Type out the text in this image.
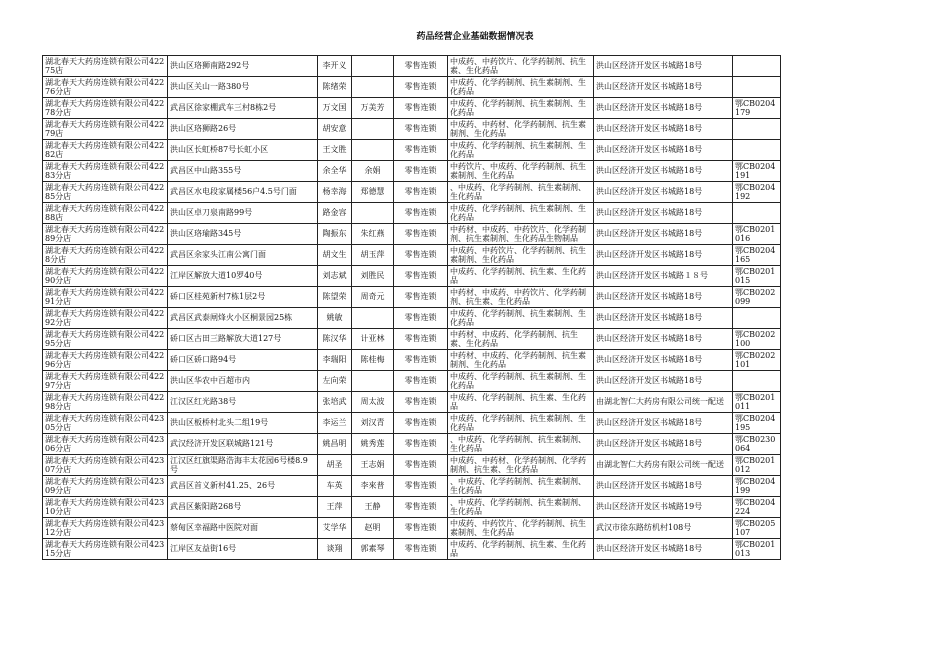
药品经营企业基础数据情况表
湖北春天大药房连锁有限公司42275店	洪山区珞狮南路292号	李开义		零售连锁	中成药、中药饮片、化学药制剂、抗生素、生化药品	洪山区经济开发区书城路18号	
湖北春天大药房连锁有限公司42276分店	洪山区关山一路380号	陈绪荣		零售连锁	中成药、化学药制剂、抗生素制剂、生化药品	洪山区经济开发区书城路18号	
湖北春天大药房连锁有限公司42278分店	武昌区徐家棚武车三村8栋2号	万文国	万美芳	零售连锁	中成药、化学药制剂、抗生素制剂、生化药品	洪山区经济开发区书城路18号	鄂CB0204179
湖北春天大药房连锁有限公司42279店	洪山区珞狮路26号	胡安意		零售连锁	中成药、中药材、化学药制剂、抗生素制剂、生化药品	洪山区经济开发区书城路18号	
湖北春天大药房连锁有限公司42282店	洪山区长虹桥87号长虹小区	王文胜		零售连锁	中成药、化学药制剂、抗生素制剂、生化药品	洪山区经济开发区书城路18号	
湖北春天大药房连锁有限公司42283分店	武昌区中山路355号	余全华	余娟	零售连锁	中药饮片、中成药、化学药制剂、抗生素制剂、生化药品	洪山区经济开发区书城路18号	鄂CB0204191
湖北春天大药房连锁有限公司42285分店	武昌区水电段家属楼56户4.5号门面	杨幸海	郑德慧	零售连锁	、中成药、化学药制剂、抗生素制剂、生化药品	洪山区经济开发区书城路18号	鄂CB0204192
湖北春天大药房连锁有限公司42288店	洪山区卓刀泉南路99号	路金容		零售连锁	中成药、化学药制剂、抗生素制剂、生化药品	洪山区经济开发区书城路18号	
湖北春天大药房连锁有限公司42289分店	洪山区珞瑜路345号	陶振东	朱红燕	零售连锁	中药材、中成药、中药饮片、化学药制剂、抗生素制剂、生化药品生物制品	洪山区经济开发区书城路18号	鄂CB0201016
湖北春天大药房连锁有限公司4228分店	武昌区余家头江南公寓门面	胡文生	胡玉萍	零售连锁	中成药、中药饮片、化学药制剂、抗生素制剂、生化药品	洪山区经济开发区书城路18号	鄂CB0204165
湖北春天大药房连锁有限公司42290分店	江岸区解放大道10罗40号	刘志斌	刘胜民	零售连锁	中成药、化学药制剂、抗生素、生化药品	洪山区经济开发区书城路１８号	鄂CB0201015
湖北春天大药房连锁有限公司42291分店	硚口区桂苑新村7栋1层2号	陈望荣	周奇元	零售连锁	中药材、中成药、中药饮片、化学药制剂、抗生素、生化药品	洪山区经济开发区书城路18号	鄂CB0202099
湖北春天大药房连锁有限公司42292分店	武昌区武泰闸烽火小区桐景园25栋	姚敏		零售连锁	中成药、化学药制剂、抗生素制剂、生化药品	洪山区经济开发区书城路18号	
湖北春天大药房连锁有限公司42295分店	硚口区古田三路解放大道127号	陈汉华	计亚林	零售连锁	中药材、中成药、化学药制剂、抗生素、生化药品	洪山区经济开发区书城路18号	鄂CB0202100
湖北春天大药房连锁有限公司42296分店	硚口区硚口路94号	李瑞阳	陈桂梅	零售连锁	中药材、中成药、化学药制剂、抗生素制剂、生化药品	洪山区经济开发区书城路18号	鄂CB0202101
湖北春天大药房连锁有限公司42297分店	洪山区华农中百超市内	左向荣		零售连锁	中成药、化学药制剂、抗生素制剂、生化药品	洪山区经济开发区书城路18号	
湖北春天大药房连锁有限公司42298分店	江汉区红光路38号	张培武	周太波	零售连锁	中成药、化学药制剂、抗生素、生化药品	由湖北智仁大药房有限公司统一配送	鄂CB0201011
湖北春天大药房连锁有限公司42305分店	洪山区板桥村北头二组19号	李运兰	刘汉青	零售连锁	中成药、化学药制剂、抗生素制剂、生化药品	洪山区经济开发区书城路18号	鄂CB0204195
湖北春天大药房连锁有限公司42306分店	武汉经济开发区联城路121号	姚昌明	姚秀莲	零售连锁	、中成药、化学药制剂、抗生素制剂、生化药品	洪山区经济开发区书城路18号	鄂CB0230064
湖北春天大药房连锁有限公司42307分店	江汉区红旗渠路浩海丰太花园6号楼8.9号	胡圣	王志娟	零售连锁	中成药、中药材、化学药制剂、化学药制剂、抗生素、生化药品	由湖北智仁大药房有限公司统一配送	鄂CB0201012
湖北春天大药房连锁有限公司42309分店	武昌区首义新村41.25、26号	车英	李來普	零售连锁	、中成药、化学药制剂、抗生素制剂、生化药品	洪山区经济开发区书城路18号	鄂CB0204199
湖北春天大药房连锁有限公司42310分店	武昌区紫阳路268号	王萍	王静	零售连锁	、中成药、化学药制剂、抗生素制剂、生化药品	洪山区经济开发区书城路19号	鄂CB0204224
湖北春天大药房连锁有限公司42312分店	蔡甸区幸福路中医院对面	艾学华	赵明	零售连锁	中成药、中药饮片、化学药制剂、抗生素制剂、生化药品	武汉市徐东路纺机村108号	鄂CB0205107
湖北春天大药房连锁有限公司42315分店	江岸区友益街16号	谈翔	郭素琴	零售连锁	中成药、化学药制剂、抗生素、生化药品	洪山区经济开发区书城路18号	鄂CB0201013
